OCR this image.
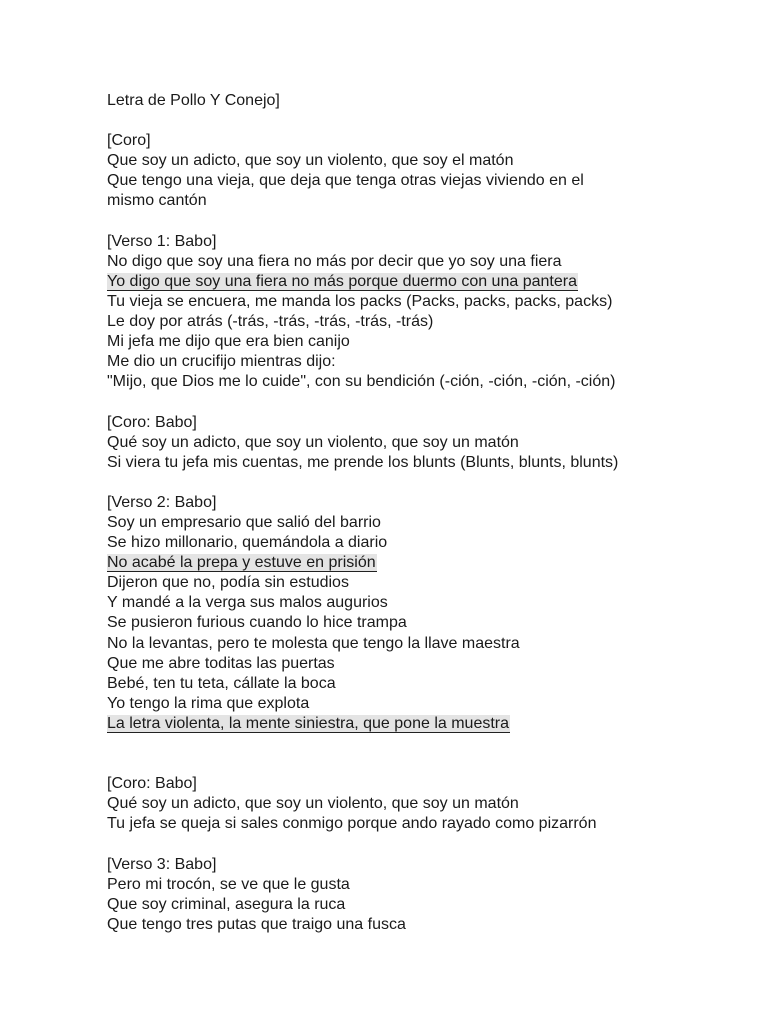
Letra de Pollo Y Conejo]
[Coro]
Que soy un adicto, que soy un violento, que soy el matón
Que tengo una vieja, que deja que tenga otras viejas viviendo en el
mismo cantón
[Verso 1: Babo]
No digo que soy una fiera no más por decir que yo soy una fiera
Yo digo que soy una fiera no más porque duermo con una pantera
Tu vieja se encuera, me manda los packs (Packs, packs, packs, packs)
Le doy por atrás (-trás, -trás, -trás, -trás, -trás)
Mi jefa me dijo que era bien canijo
Me dio un crucifijo mientras dijo:
"Mijo, que Dios me lo cuide", con su bendición (-ción, -ción, -ción, -ción)
[Coro: Babo]
Qué soy un adicto, que soy un violento, que soy un matón
Si viera tu jefa mis cuentas, me prende los blunts (Blunts, blunts, blunts)
[Verso 2: Babo]
Soy un empresario que salió del barrio
Se hizo millonario, quemándola a diario
No acabé la prepa y estuve en prisión
Dijeron que no, podía sin estudios
Y mandé a la verga sus malos augurios
Se pusieron furious cuando lo hice trampa
No la levantas, pero te molesta que tengo la llave maestra
Que me abre toditas las puertas
Bebé, ten tu teta, cállate la boca
Yo tengo la rima que explota
La letra violenta, la mente siniestra, que pone la muestra
[Coro: Babo]
Qué soy un adicto, que soy un violento, que soy un matón
Tu jefa se queja si sales conmigo porque ando rayado como pizarrón
[Verso 3: Babo]
Pero mi trocón, se ve que le gusta
Que soy criminal, asegura la ruca
Que tengo tres putas que traigo una fusca
